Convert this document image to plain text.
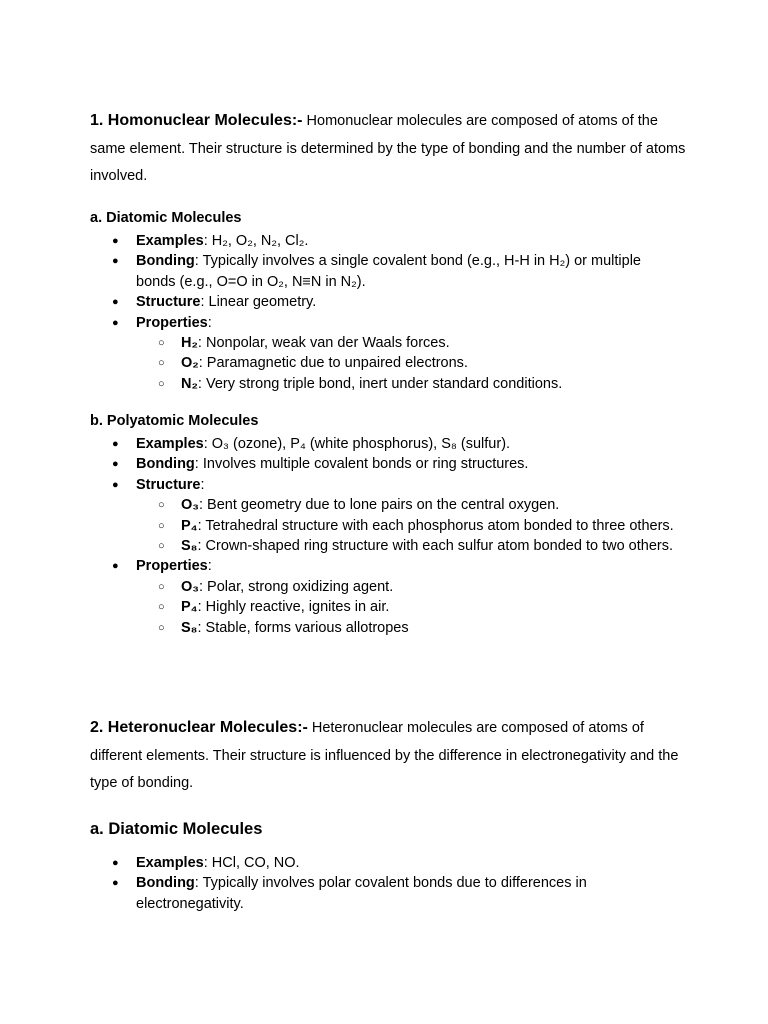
1. Homonuclear Molecules:- Homonuclear molecules are composed of atoms of the same element. Their structure is determined by the type of bonding and the number of atoms involved.

a. Diatomic Molecules

● Examples: H₂, O₂, N₂, Cl₂.
● Bonding: Typically involves a single covalent bond (e.g., H-H in H₂) or multiple bonds (e.g., O=O in O₂, N≡N in N₂).
● Structure: Linear geometry.
● Properties:
○ H₂: Nonpolar, weak van der Waals forces.
○ O₂: Paramagnetic due to unpaired electrons.
○ N₂: Very strong triple bond, inert under standard conditions.

b. Polyatomic Molecules

● Examples: O₃ (ozone), P₄ (white phosphorus), S₈ (sulfur).
● Bonding: Involves multiple covalent bonds or ring structures.
● Structure:
○ O₃: Bent geometry due to lone pairs on the central oxygen.
○ P₄: Tetrahedral structure with each phosphorus atom bonded to three others.
○ S₈: Crown-shaped ring structure with each sulfur atom bonded to two others.
● Properties:
○ O₃: Polar, strong oxidizing agent.
○ P₄: Highly reactive, ignites in air.
○ S₈: Stable, forms various allotropes

2. Heteronuclear Molecules:- Heteronuclear molecules are composed of atoms of different elements. Their structure is influenced by the difference in electronegativity and the type of bonding.

a. Diatomic Molecules

● Examples: HCl, CO, NO.
● Bonding: Typically involves polar covalent bonds due to differences in electronegativity.
